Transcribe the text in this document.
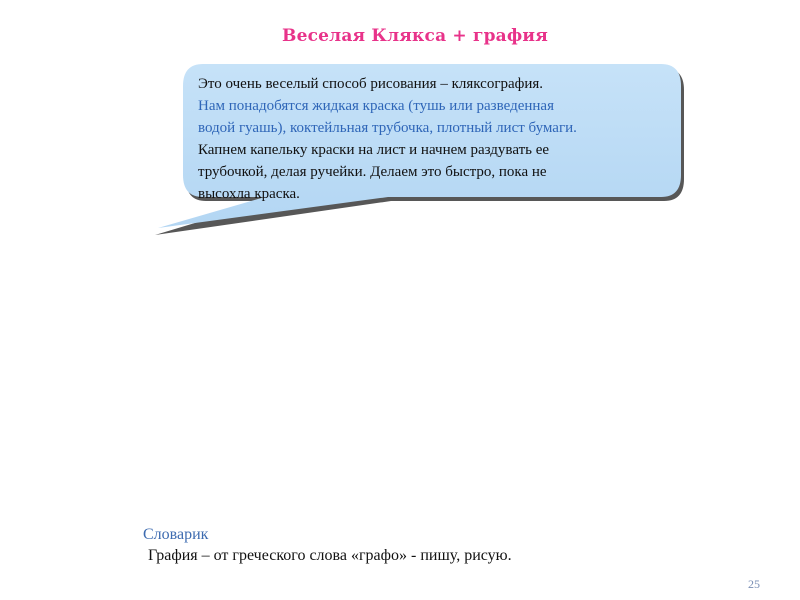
Веселая Клякса + графия
Это очень веселый способ рисования – кляксография.
Нам понадобятся жидкая краска (тушь или разведенная
водой гуашь), коктейльная трубочка, плотный лист бумаги.
Капнем капельку краски на лист и начнем раздувать ее
трубочкой, делая ручейки. Делаем это быстро, пока не
высохла краска.
Словарик
Графия – от греческого слова «графо» - пишу, рисую.
25
